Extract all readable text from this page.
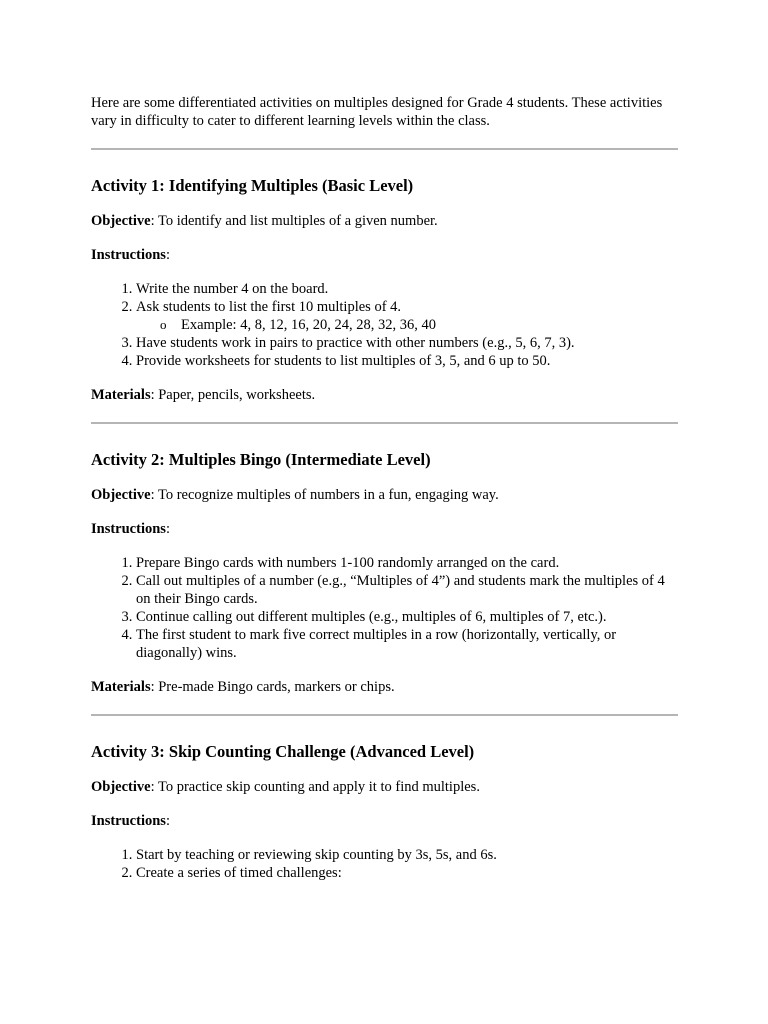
Here are some differentiated activities on multiples designed for Grade 4 students. These activities vary in difficulty to cater to different learning levels within the class.

Activity 1: Identifying Multiples (Basic Level)

Objective: To identify and list multiples of a given number.

Instructions:

1. Write the number 4 on the board.
2. Ask students to list the first 10 multiples of 4.
o Example: 4, 8, 12, 16, 20, 24, 28, 32, 36, 40
3. Have students work in pairs to practice with other numbers (e.g., 5, 6, 7, 3).
4. Provide worksheets for students to list multiples of 3, 5, and 6 up to 50.

Materials: Paper, pencils, worksheets.

Activity 2: Multiples Bingo (Intermediate Level)

Objective: To recognize multiples of numbers in a fun, engaging way.

Instructions:

1. Prepare Bingo cards with numbers 1-100 randomly arranged on the card.
2. Call out multiples of a number (e.g., “Multiples of 4”) and students mark the multiples of 4 on their Bingo cards.
3. Continue calling out different multiples (e.g., multiples of 6, multiples of 7, etc.).
4. The first student to mark five correct multiples in a row (horizontally, vertically, or diagonally) wins.

Materials: Pre-made Bingo cards, markers or chips.

Activity 3: Skip Counting Challenge (Advanced Level)

Objective: To practice skip counting and apply it to find multiples.

Instructions:

1. Start by teaching or reviewing skip counting by 3s, 5s, and 6s.
2. Create a series of timed challenges:
